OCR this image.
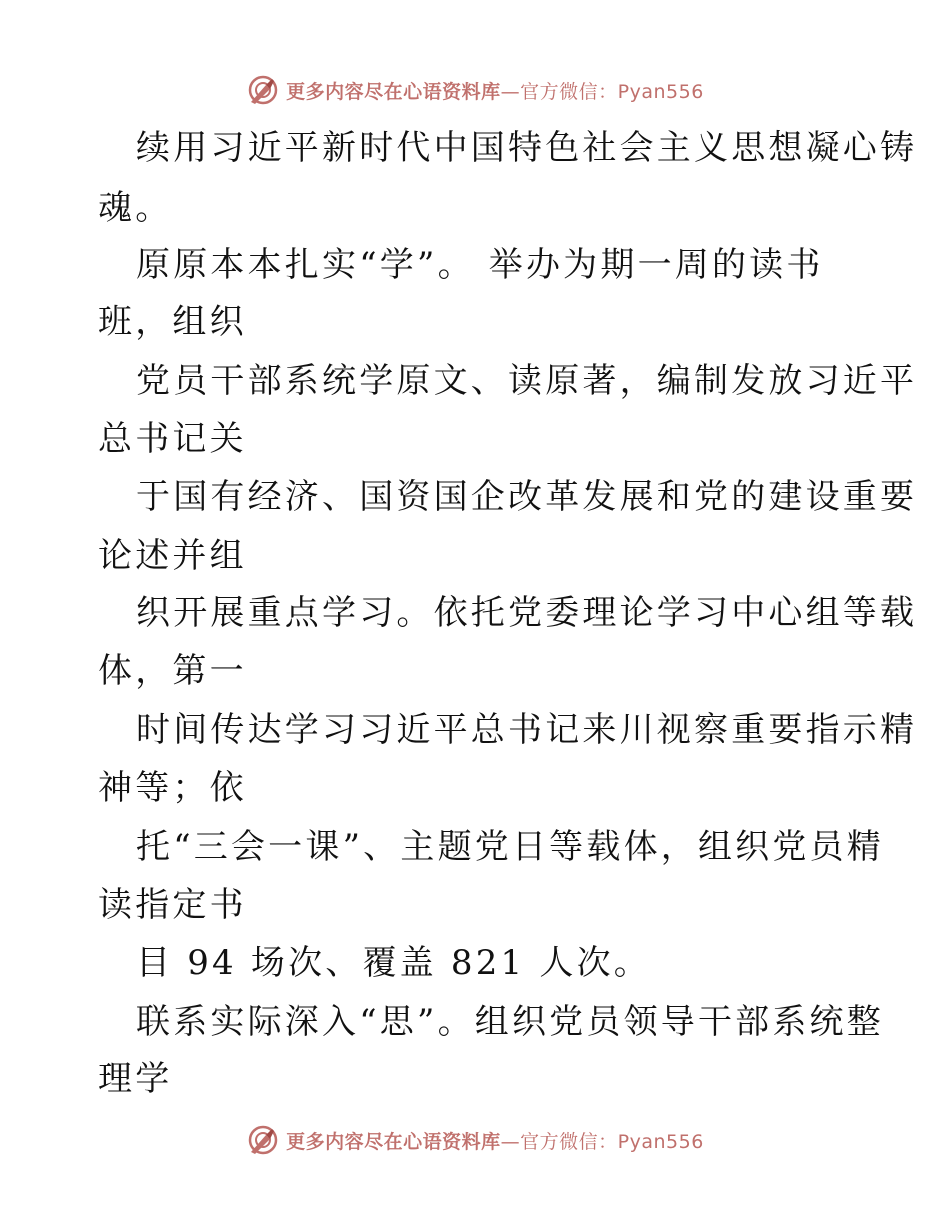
更多内容尽在心语资料库—官方微信：Pyan556
续用习近平新时代中国特色社会主义思想凝心铸
魂。
原原本本扎实“学”。 举办为期一周的读书
班，组织
党员干部系统学原文、读原著，编制发放习近平
总书记关
于国有经济、国资国企改革发展和党的建设重要
论述并组
织开展重点学习。依托党委理论学习中心组等载
体，第一
时间传达学习习近平总书记来川视察重要指示精
神等；依
托“三会一课”、主题党日等载体，组织党员精
读指定书
目 94 场次、覆盖 821 人次。
联系实际深入“思”。组织党员领导干部系统整
理学
更多内容尽在心语资料库—官方微信：Pyan556
